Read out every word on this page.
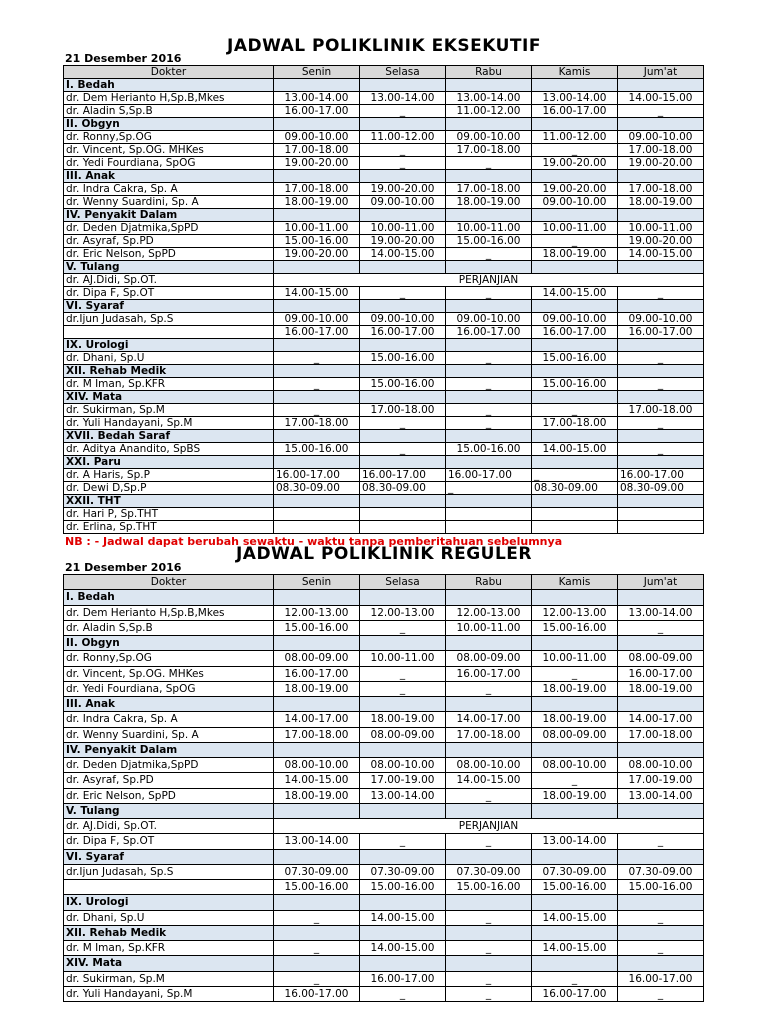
JADWAL POLIKLINIK EKSEKUTIF
21 Desember 2016
Dokter	Senin	Selasa	Rabu	Kamis	Jum'at
I. Bedah					
dr. Dem Herianto H,Sp.B,Mkes	13.00-14.00	13.00-14.00	13.00-14.00	13.00-14.00	14.00-15.00
dr. Aladin S,Sp.B	16.00-17.00	_	11.00-12.00	16.00-17.00	_
II. Obgyn					
dr. Ronny,Sp.OG	09.00-10.00	11.00-12.00	09.00-10.00	11.00-12.00	09.00-10.00
dr. Vincent, Sp.OG. MHKes	17.00-18.00	_	17.00-18.00	_	17.00-18.00
dr. Yedi Fourdiana, SpOG	19.00-20.00	_	_	19.00-20.00	19.00-20.00
III. Anak					
dr. Indra Cakra, Sp. A	17.00-18.00	19.00-20.00	17.00-18.00	19.00-20.00	17.00-18.00
dr. Wenny Suardini, Sp. A	18.00-19.00	09.00-10.00	18.00-19.00	09.00-10.00	18.00-19.00
IV. Penyakit Dalam					
dr. Deden Djatmika,SpPD	10.00-11.00	10.00-11.00	10.00-11.00	10.00-11.00	10.00-11.00
dr. Asyraf, Sp.PD	15.00-16.00	19.00-20.00	15.00-16.00	_	19.00-20.00
dr. Eric Nelson, SpPD	19.00-20.00	14.00-15.00	_	18.00-19.00	14.00-15.00
V. Tulang					
dr. AJ.Didi, Sp.OT.	PERJANJIAN				
dr. Dipa F, Sp.OT	14.00-15.00	_	_	14.00-15.00	_
VI. Syaraf					
dr.Ijun Judasah, Sp.S	09.00-10.00	09.00-10.00	09.00-10.00	09.00-10.00	09.00-10.00
	16.00-17.00	16.00-17.00	16.00-17.00	16.00-17.00	16.00-17.00
IX. Urologi					
dr. Dhani, Sp.U	_	15.00-16.00	_	15.00-16.00	_
XII. Rehab Medik					
dr. M Iman, Sp.KFR	_	15.00-16.00	_	15.00-16.00	_
XIV. Mata					
dr. Sukirman, Sp.M	_	17.00-18.00	_	_	17.00-18.00
dr. Yuli Handayani, Sp.M	17.00-18.00	_	_	17.00-18.00	_
XVII. Bedah Saraf					
dr. Aditya Anandito, SpBS	15.00-16.00	_	15.00-16.00	14.00-15.00	_
XXI. Paru					
dr. A Haris, Sp.P	16.00-17.00	16.00-17.00	16.00-17.00	_	16.00-17.00
dr. Dewi D,Sp.P	08.30-09.00	08.30-09.00	_	08.30-09.00	08.30-09.00
XXII. THT					
dr. Hari P, Sp.THT					
dr. Erlina, Sp.THT					
NB : - Jadwal dapat berubah sewaktu - waktu tanpa pemberitahuan sebelumnya
JADWAL POLIKLINIK REGULER
21 Desember 2016
Dokter	Senin	Selasa	Rabu	Kamis	Jum'at
I. Bedah					
dr. Dem Herianto H,Sp.B,Mkes	12.00-13.00	12.00-13.00	12.00-13.00	12.00-13.00	13.00-14.00
dr. Aladin S,Sp.B	15.00-16.00	_	10.00-11.00	15.00-16.00	_
II. Obgyn					
dr. Ronny,Sp.OG	08.00-09.00	10.00-11.00	08.00-09.00	10.00-11.00	08.00-09.00
dr. Vincent, Sp.OG. MHKes	16.00-17.00	_	16.00-17.00	_	16.00-17.00
dr. Yedi Fourdiana, SpOG	18.00-19.00	_	_	18.00-19.00	18.00-19.00
III. Anak					
dr. Indra Cakra, Sp. A	14.00-17.00	18.00-19.00	14.00-17.00	18.00-19.00	14.00-17.00
dr. Wenny Suardini, Sp. A	17.00-18.00	08.00-09.00	17.00-18.00	08.00-09.00	17.00-18.00
IV. Penyakit Dalam					
dr. Deden Djatmika,SpPD	08.00-10.00	08.00-10.00	08.00-10.00	08.00-10.00	08.00-10.00
dr. Asyraf, Sp.PD	14.00-15.00	17.00-19.00	14.00-15.00	_	17.00-19.00
dr. Eric Nelson, SpPD	18.00-19.00	13.00-14.00	_	18.00-19.00	13.00-14.00
V. Tulang					
dr. AJ.Didi, Sp.OT.	PERJANJIAN				
dr. Dipa F, Sp.OT	13.00-14.00	_	_	13.00-14.00	_
VI. Syaraf					
dr.Ijun Judasah, Sp.S	07.30-09.00	07.30-09.00	07.30-09.00	07.30-09.00	07.30-09.00
	15.00-16.00	15.00-16.00	15.00-16.00	15.00-16.00	15.00-16.00
IX. Urologi					
dr. Dhani, Sp.U	_	14.00-15.00	_	14.00-15.00	_
XII. Rehab Medik					
dr. M Iman, Sp.KFR	_	14.00-15.00	_	14.00-15.00	_
XIV. Mata					
dr. Sukirman, Sp.M	_	16.00-17.00	_	_	16.00-17.00
dr. Yuli Handayani, Sp.M	16.00-17.00	_	_	16.00-17.00	_
